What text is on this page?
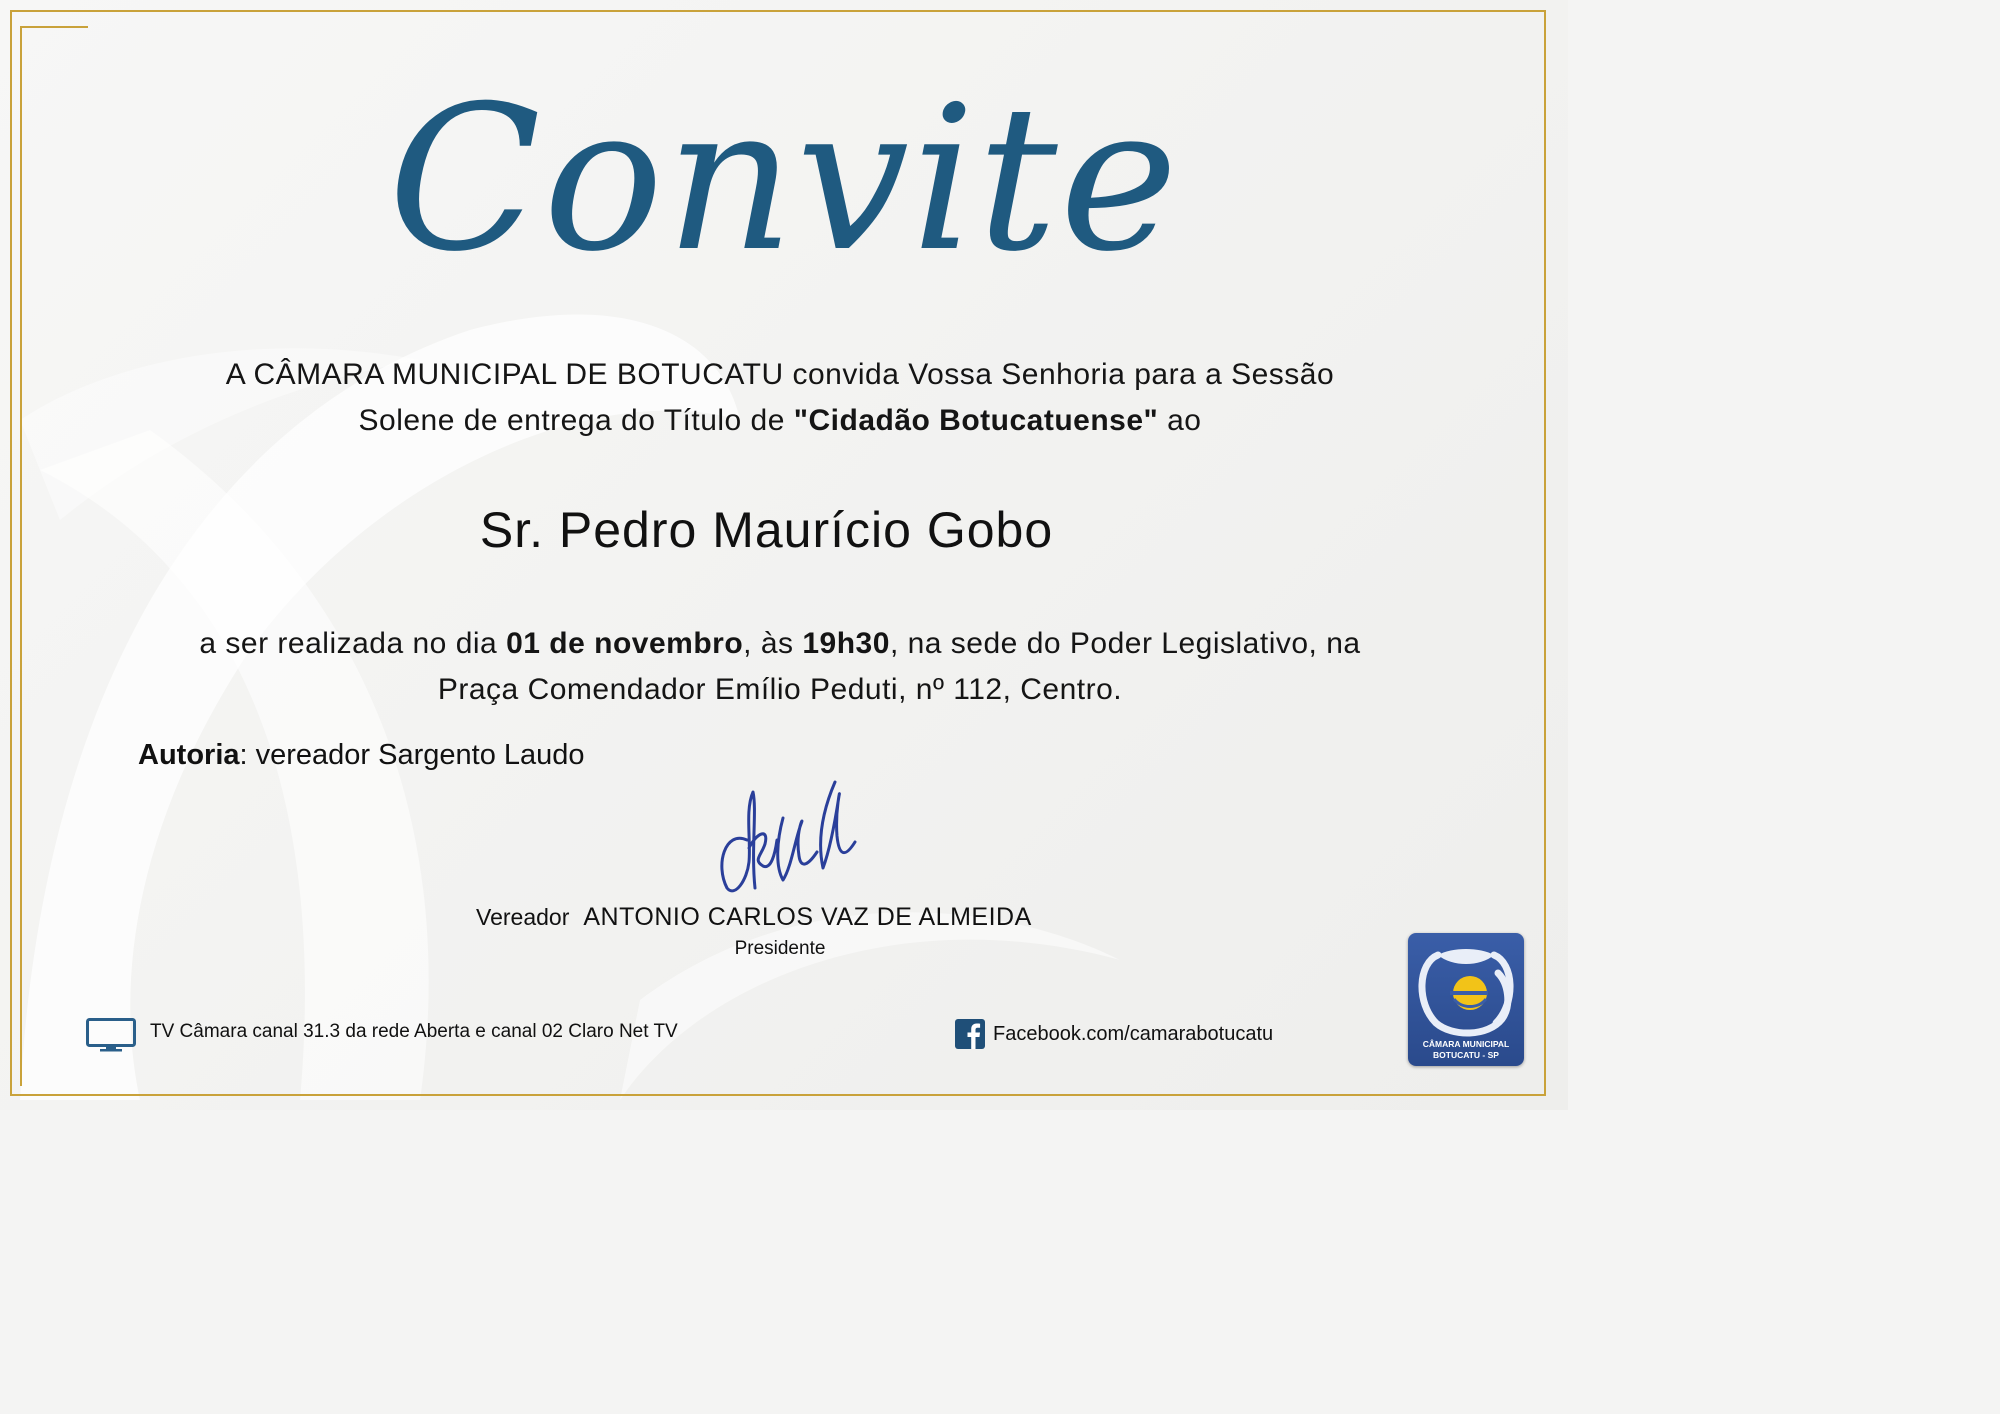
Convite
A CÂMARA MUNICIPAL DE BOTUCATU convida Vossa Senhoria para a Sessão
Solene de entrega do Título de "Cidadão Botucatuense" ao
Sr. Pedro Maurício Gobo
a ser realizada no dia 01 de novembro, às 19h30, na sede do Poder Legislativo, na
Praça Comendador Emílio Peduti, nº 112, Centro.
Autoria: vereador Sargento Laudo
Vereador ANTONIO CARLOS VAZ DE ALMEIDA
Presidente
TV Câmara canal 31.3 da rede Aberta e canal 02 Claro Net TV	Facebook.com/camarabotucatu	CÂMARA MUNICIPAL
BOTUCATU - SP
